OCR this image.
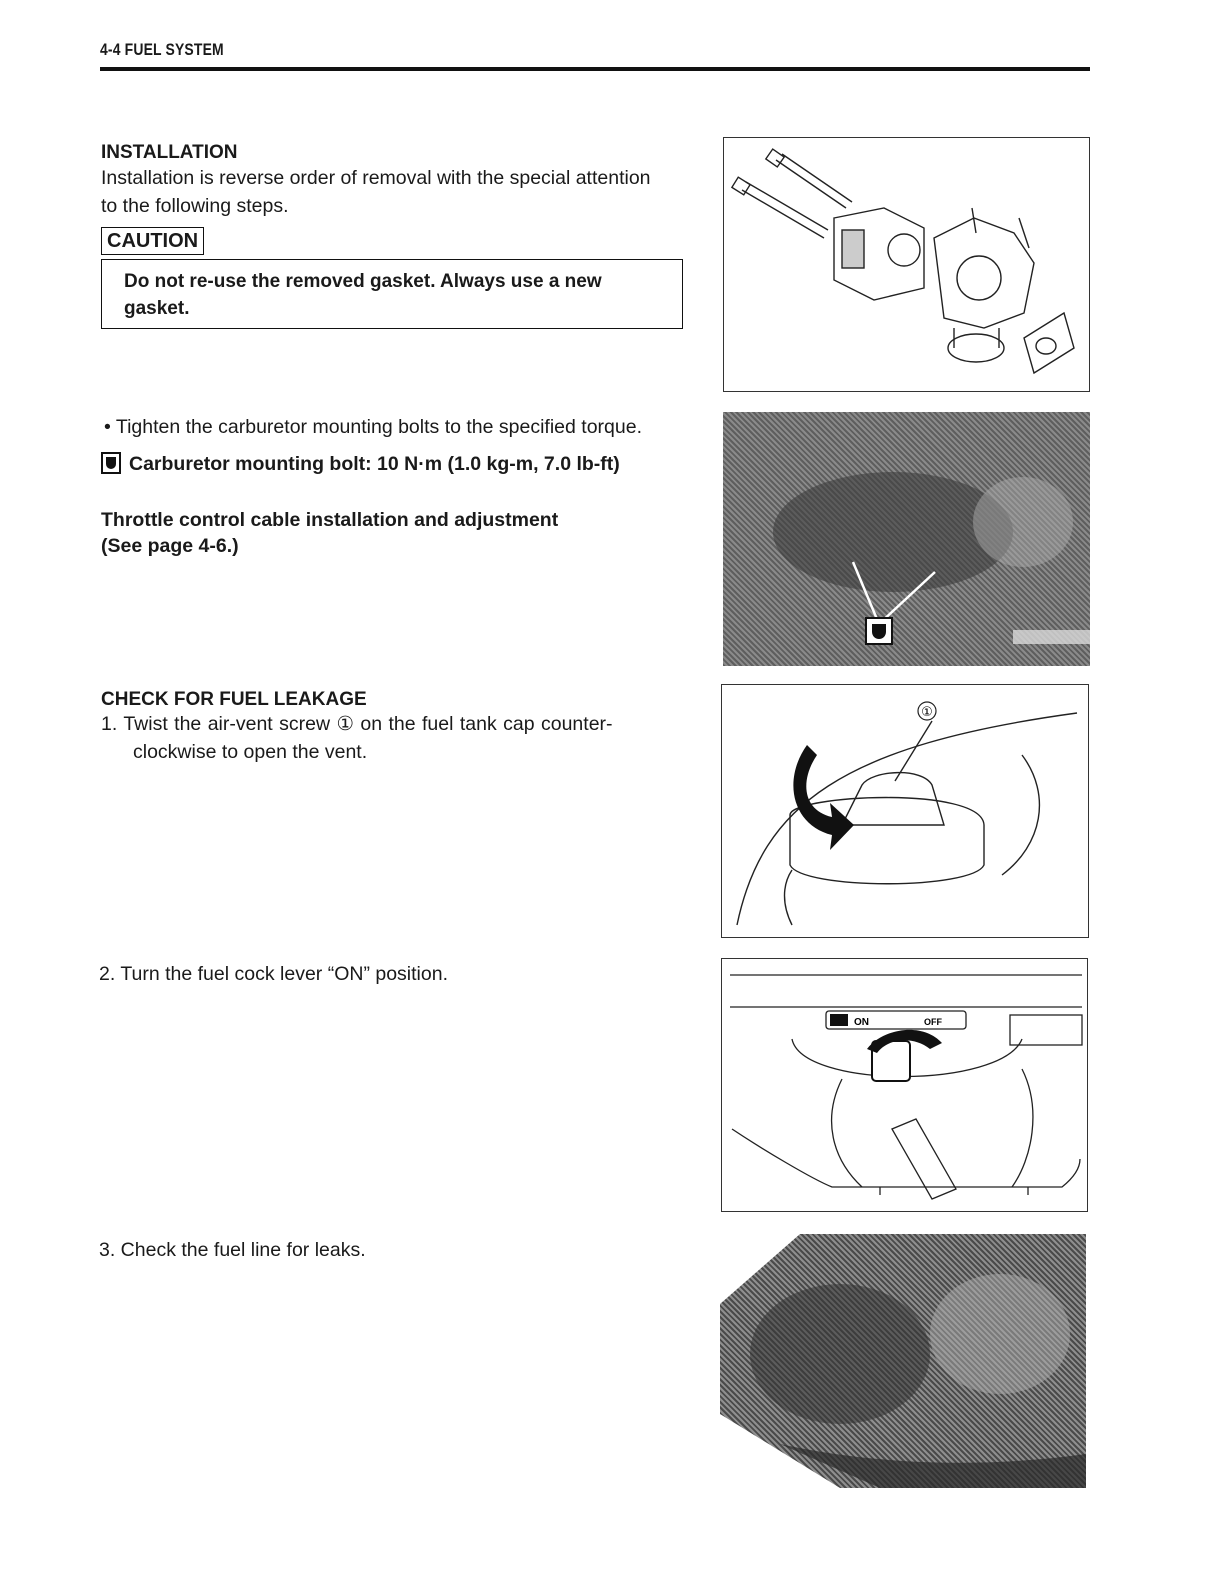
4-4 FUEL SYSTEM
INSTALLATION
Installation is reverse order of removal with the special attention
to the following steps.
CAUTION
Do not re-use the removed gasket. Always use a new
gasket.
• Tighten the carburetor mounting bolts to the specified torque.
Carburetor mounting bolt: 10 N·m (1.0 kg-m, 7.0 lb-ft)
Throttle control cable installation and adjustment
(See page 4-6.)
CHECK FOR FUEL LEAKAGE
1. Twist the air-vent screw ① on the fuel tank cap counter-
clockwise to open the vent.
2. Turn the fuel cock lever “ON” position.
3. Check the fuel line for leaks.
①
ON	OFF
